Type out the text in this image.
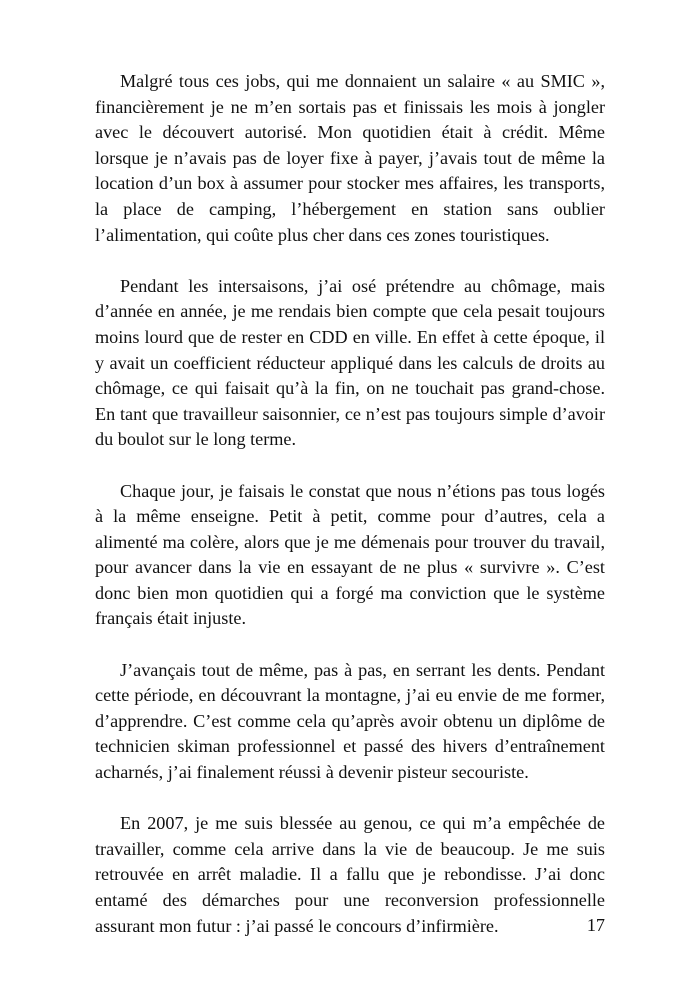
Malgré tous ces jobs, qui me donnaient un salaire « au SMIC », financièrement je ne m’en sortais pas et finissais les mois à jongler avec le découvert autorisé. Mon quotidien était à crédit. Même lorsque je n’avais pas de loyer fixe à payer, j’avais tout de même la location d’un box à assumer pour stocker mes affaires, les transports, la place de camping, l’hébergement en station sans oublier l’alimentation, qui coûte plus cher dans ces zones touristiques.

Pendant les intersaisons, j’ai osé prétendre au chômage, mais d’année en année, je me rendais bien compte que cela pesait toujours moins lourd que de rester en CDD en ville. En effet à cette époque, il y avait un coefficient réducteur appliqué dans les calculs de droits au chômage, ce qui faisait qu’à la fin, on ne touchait pas grand-chose. En tant que travailleur saisonnier, ce n’est pas toujours simple d’avoir du boulot sur le long terme.

Chaque jour, je faisais le constat que nous n’étions pas tous logés à la même enseigne. Petit à petit, comme pour d’autres, cela a alimenté ma colère, alors que je me démenais pour trouver du travail, pour avancer dans la vie en essayant de ne plus « survivre ». C’est donc bien mon quotidien qui a forgé ma conviction que le système français était injuste.

J’avançais tout de même, pas à pas, en serrant les dents. Pendant cette période, en découvrant la montagne, j’ai eu envie de me former, d’apprendre. C’est comme cela qu’après avoir obtenu un diplôme de technicien skiman professionnel et passé des hivers d’entraînement acharnés, j’ai finalement réussi à devenir pisteur secouriste.

En 2007, je me suis blessée au genou, ce qui m’a empêchée de travailler, comme cela arrive dans la vie de beaucoup. Je me suis retrouvée en arrêt maladie. Il a fallu que je rebondisse. J’ai donc entamé des démarches pour une reconversion professionnelle assurant mon futur : j’ai passé le concours d’infirmière.	17
